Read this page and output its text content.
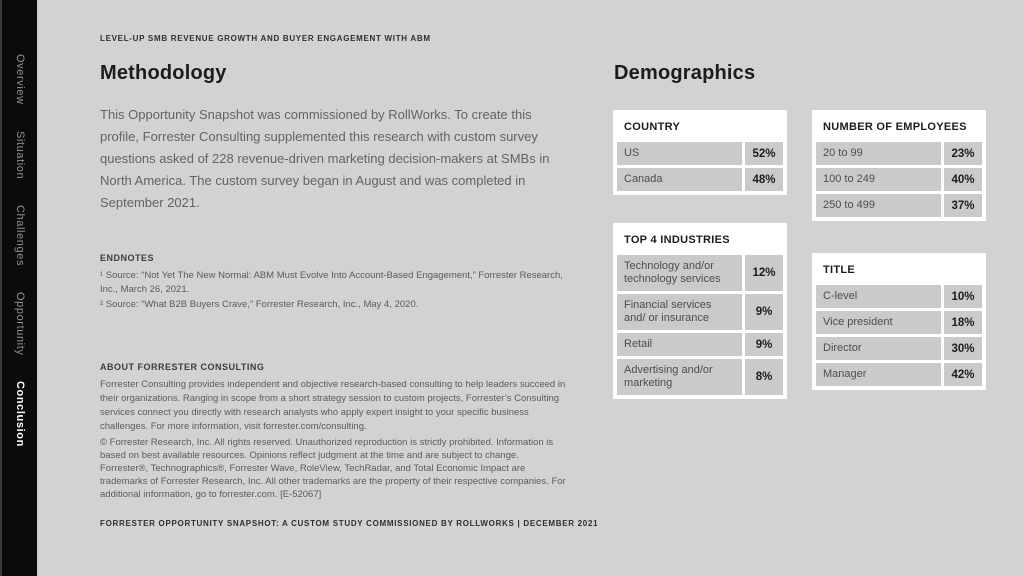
Overview
Situation
Challenges
Opportunity
Conclusion
LEVEL-UP SMB REVENUE GROWTH AND BUYER ENGAGEMENT WITH ABM
Methodology

This Opportunity Snapshot was commissioned by RollWorks. To create this profile, Forrester Consulting supplemented this research with custom survey questions asked of 228 revenue-driven marketing decision-makers at SMBs in North America. The custom survey began in August and was completed in September 2021.

ENDNOTES

¹ Source: “Not Yet The New Normal: ABM Must Evolve Into Account-Based Engagement,” Forrester Research, Inc., March 26, 2021.

² Source: “What B2B Buyers Crave,” Forrester Research, Inc., May 4, 2020.

ABOUT FORRESTER CONSULTING

Forrester Consulting provides independent and objective research-based consulting to help leaders succeed in their organizations. Ranging in scope from a short strategy session to custom projects, Forrester’s Consulting services connect you directly with research analysts who apply expert insight to your specific business challenges. For more information, visit forrester.com/consulting.

© Forrester Research, Inc. All rights reserved. Unauthorized reproduction is strictly prohibited. Information is based on best available resources. Opinions reflect judgment at the time and are subject to change. Forrester®, Technographics®, Forrester Wave, RoleView, TechRadar, and Total Economic Impact are trademarks of Forrester Research, Inc. All other trademarks are the property of their respective companies. For additional information, go to forrester.com. [E-52067]

FORRESTER OPPORTUNITY SNAPSHOT: A CUSTOM STUDY COMMISSIONED BY ROLLWORKS | DECEMBER 2021
Demographics
COUNTRY
US	52%
Canada	48%
NUMBER OF EMPLOYEES
20 to 99	23%
100 to 249	40%
250 to 499	37%
TOP 4 INDUSTRIES
Technology and/or technology services	12%
Financial services and/ or insurance	9%
Retail	9%
Advertising and/or marketing	8%
TITLE
C-level	10%
Vice president	18%
Director	30%
Manager	42%
